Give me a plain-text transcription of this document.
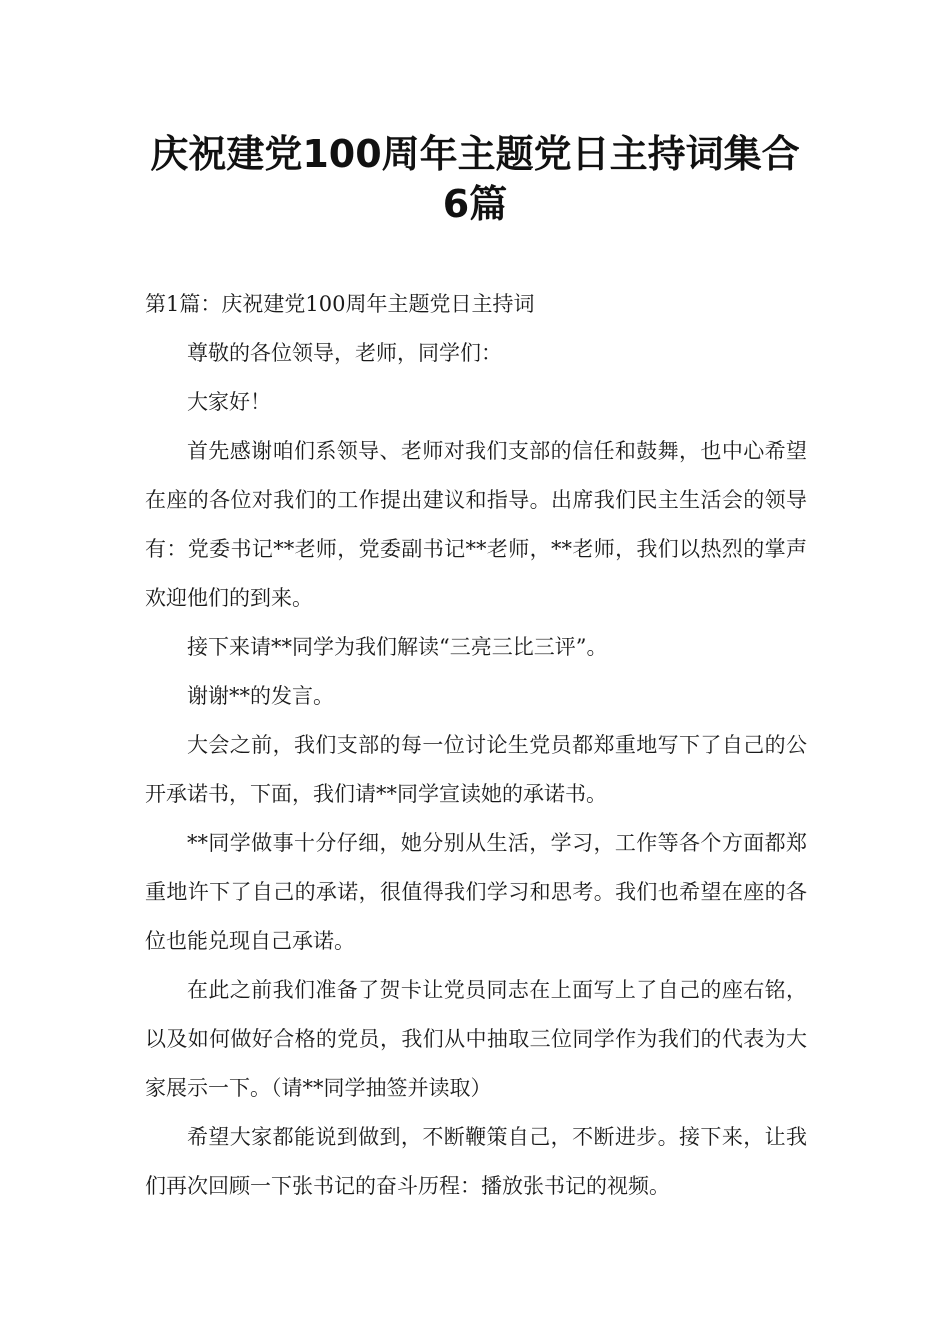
庆祝建党100周年主题党日主持词集合
6篇

第1篇：庆祝建党100周年主题党日主持词

尊敬的各位领导，老师，同学们：

大家好！

首先感谢咱们系领导、老师对我们支部的信任和鼓舞，也中心希望在座的各位对我们的工作提出建议和指导。出席我们民主生活会的领导有：党委书记**老师，党委副书记**老师，**老师，我们以热烈的掌声欢迎他们的到来。

接下来请**同学为我们解读“三亮三比三评”。

谢谢**的发言。

大会之前，我们支部的每一位讨论生党员都郑重地写下了自己的公开承诺书，下面，我们请**同学宣读她的承诺书。

**同学做事十分仔细，她分别从生活，学习，工作等各个方面都郑重地许下了自己的承诺，很值得我们学习和思考。我们也希望在座的各位也能兑现自己承诺。

在此之前我们准备了贺卡让党员同志在上面写上了自己的座右铭，以及如何做好合格的党员，我们从中抽取三位同学作为我们的代表为大家展示一下。（请**同学抽签并读取）

希望大家都能说到做到，不断鞭策自己，不断进步。接下来，让我们再次回顾一下张书记的奋斗历程：播放张书记的视频。
